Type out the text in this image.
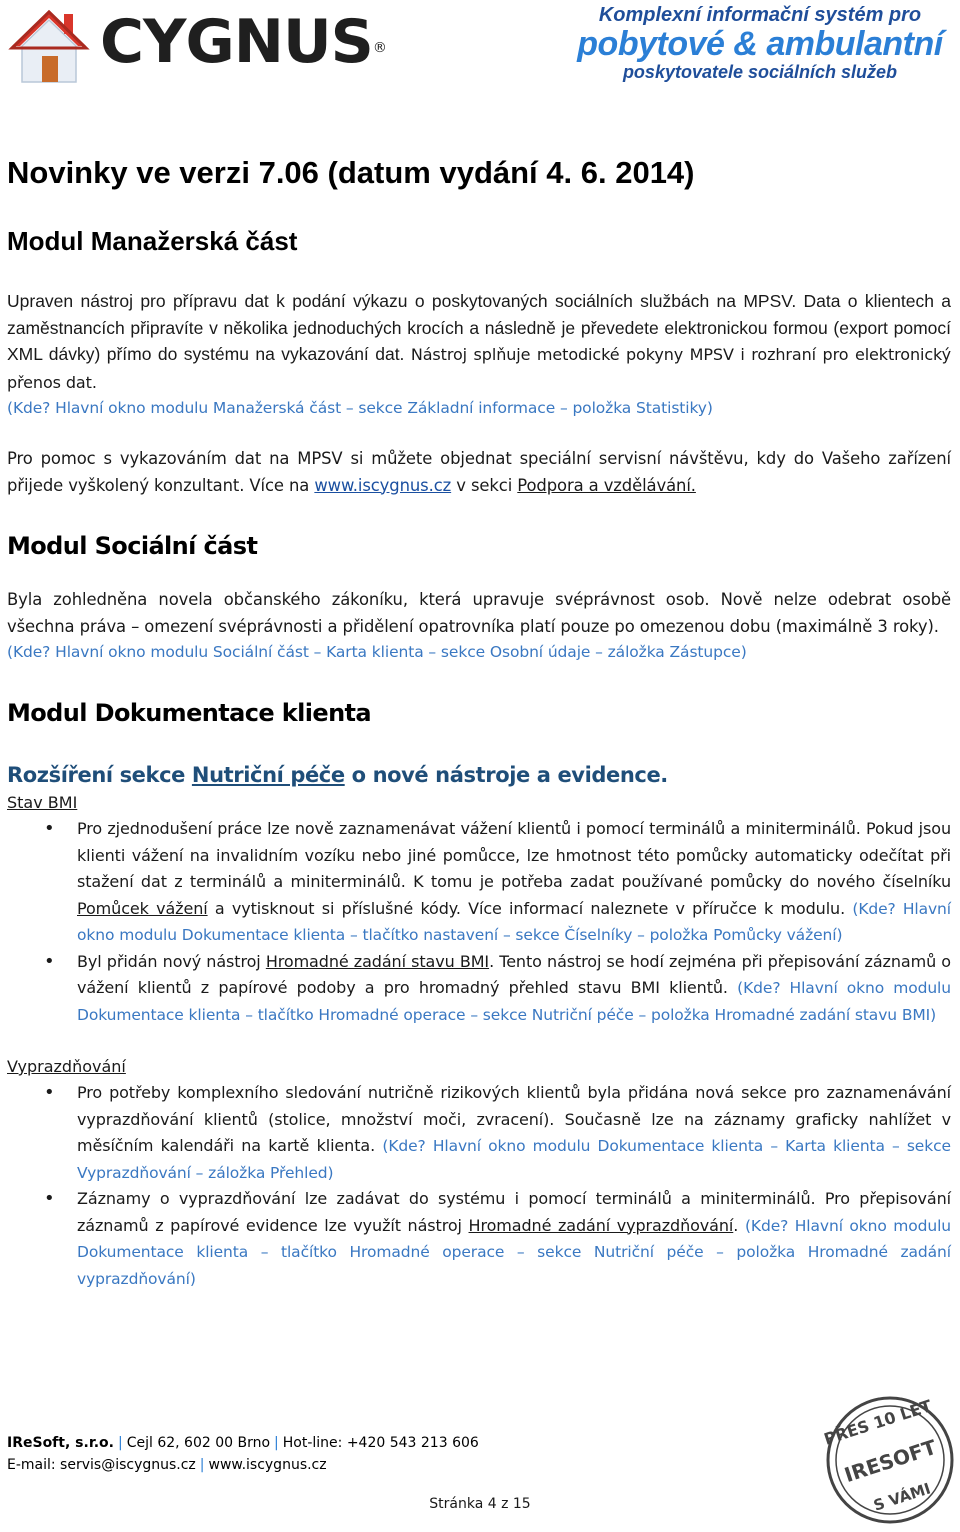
CYGNUS®
Komplexní informační systém pro
pobytové & ambulantní
poskytovatele sociálních služeb
Novinky ve verzi 7.06 (datum vydání 4. 6. 2014)
Modul Manažerská část

Upraven nástroj pro přípravu dat k podání výkazu o poskytovaných sociálních službách na MPSV. Data o klientech a zaměstnancích připravíte v několika jednoduchých krocích a následně je převedete elektronickou formou (export pomocí XML dávky) přímo do systému na vykazování dat. Nástroj splňuje metodické pokyny MPSV i rozhraní pro elektronický přenos dat.

(Kde? Hlavní okno modulu Manažerská část – sekce Základní informace – položka Statistiky)

Pro pomoc s vykazováním dat na MPSV si můžete objednat speciální servisní návštěvu, kdy do Vašeho zařízení přijede vyškolený konzultant. Více na www.iscygnus.cz v sekci Podpora a vzdělávání.

Modul Sociální část

Byla zohledněna novela občanského zákoníku, která upravuje svéprávnost osob. Nově nelze odebrat osobě všechna práva – omezení svéprávnosti a přidělení opatrovníka platí pouze po omezenou dobu (maximálně 3 roky).

(Kde? Hlavní okno modulu Sociální část – Karta klienta – sekce Osobní údaje – záložka Zástupce)

Modul Dokumentace klienta

Rozšíření sekce Nutriční péče o nové nástroje a evidence.

Stav BMI

• Pro zjednodušení práce lze nově zaznamenávat vážení klientů i pomocí terminálů a miniterminálů. Pokud jsou klienti vážení na invalidním vozíku nebo jiné pomůcce, lze hmotnost této pomůcky automaticky odečítat při stažení dat z terminálů a miniterminálů. K tomu je potřeba zadat používané pomůcky do nového číselníku Pomůcek vážení a vytisknout si příslušné kódy. Více informací naleznete v příručce k modulu. (Kde? Hlavní okno modulu Dokumentace klienta – tlačítko nastavení – sekce Číselníky – položka Pomůcky vážení)
• Byl přidán nový nástroj Hromadné zadání stavu BMI. Tento nástroj se hodí zejména při přepisování záznamů o vážení klientů z papírové podoby a pro hromadný přehled stavu BMI klientů. (Kde? Hlavní okno modulu Dokumentace klienta – tlačítko Hromadné operace – sekce Nutriční péče – položka Hromadné zadání stavu BMI)

Vyprazdňování

• Pro potřeby komplexního sledování nutričně rizikových klientů byla přidána nová sekce pro zaznamenávání vyprazdňování klientů (stolice, množství moči, zvracení). Současně lze na záznamy graficky nahlížet v měsíčním kalendáři na kartě klienta. (Kde? Hlavní okno modulu Dokumentace klienta – Karta klienta – sekce Vyprazdňování – záložka Přehled)
• Záznamy o vyprazdňování lze zadávat do systému i pomocí terminálů a miniterminálů. Pro přepisování záznamů z papírové evidence lze využít nástroj Hromadné zadání vyprazdňování. (Kde? Hlavní okno modulu Dokumentace klienta – tlačítko Hromadné operace – sekce Nutriční péče – položka Hromadné zadání vyprazdňování)
IReSoft, s.r.o. | Cejl 62, 602 00 Brno | Hot-line: +420 543 213 606
E-mail: servis@iscygnus.cz | www.iscygnus.cz
Stránka 4 z 15
PŘES 10 LET
IRESOFT
S VÁMI
